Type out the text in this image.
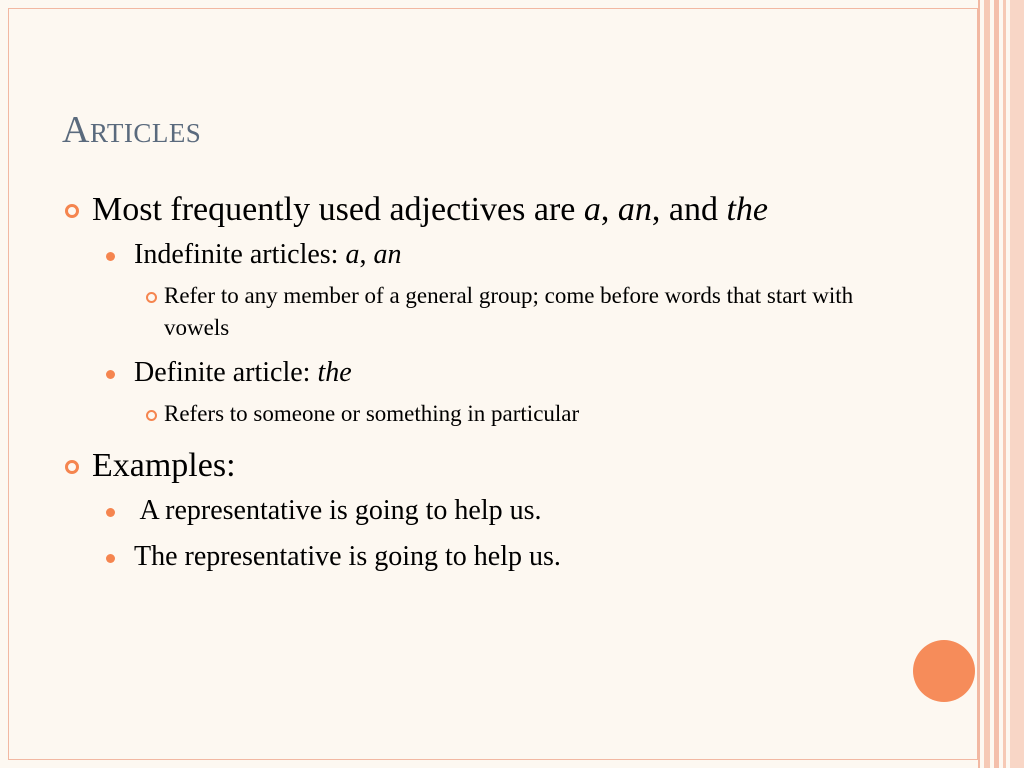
Articles
Most frequently used adjectives are a, an, and the
Indefinite articles: a, an
Refer to any member of a general group; come before words that start with vowels
Definite article: the
Refers to someone or something in particular
Examples:
A representative is going to help us.
The representative is going to help us.
